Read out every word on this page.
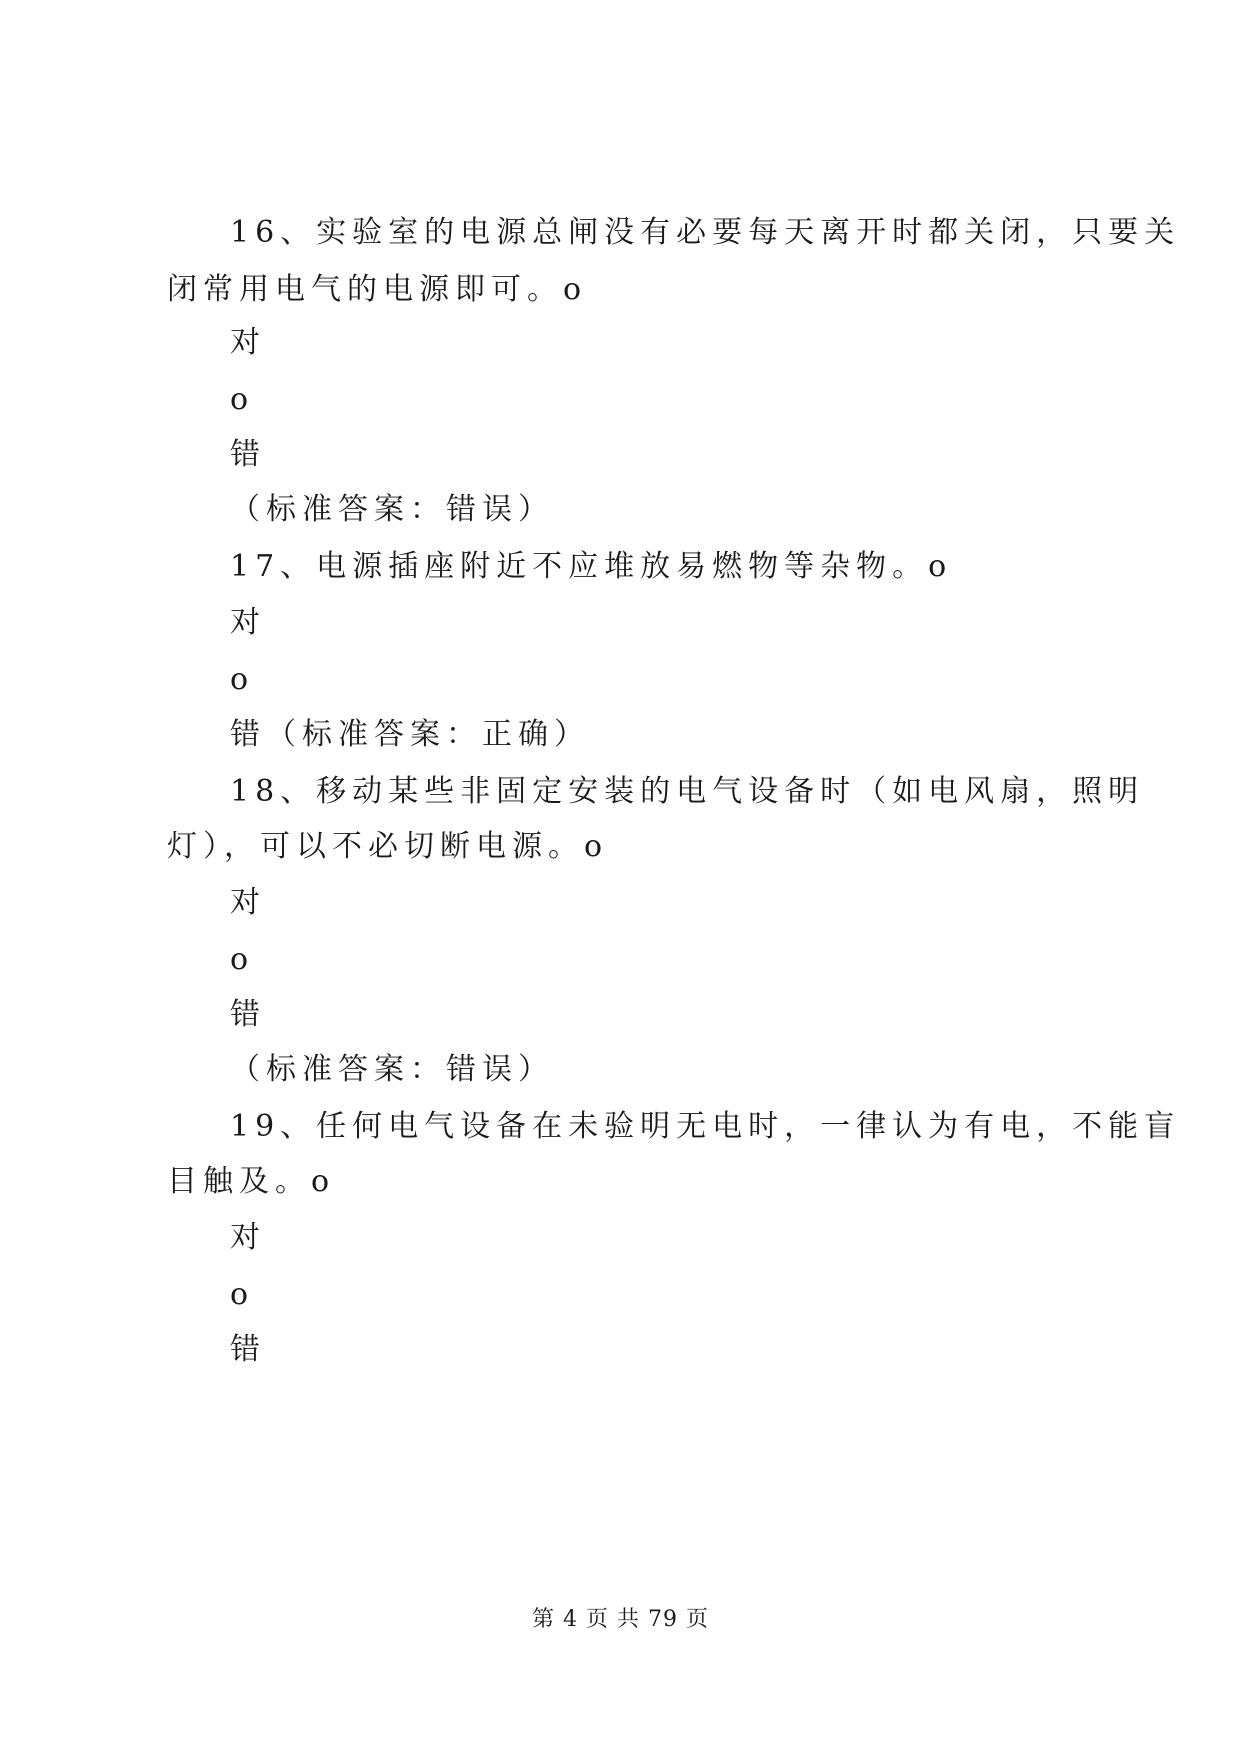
16、实验室的电源总闸没有必要每天离开时都关闭，只要关
闭常用电气的电源即可。o
对
o
错
（标准答案：错误）
17、电源插座附近不应堆放易燃物等杂物。o
对
o
错（标准答案：正确）
18、移动某些非固定安装的电气设备时（如电风扇，照明
灯），可以不必切断电源。o
对
o
错
（标准答案：错误）
19、任何电气设备在未验明无电时，一律认为有电，不能盲
目触及。o
对
o
错
第 4 页 共 79 页
